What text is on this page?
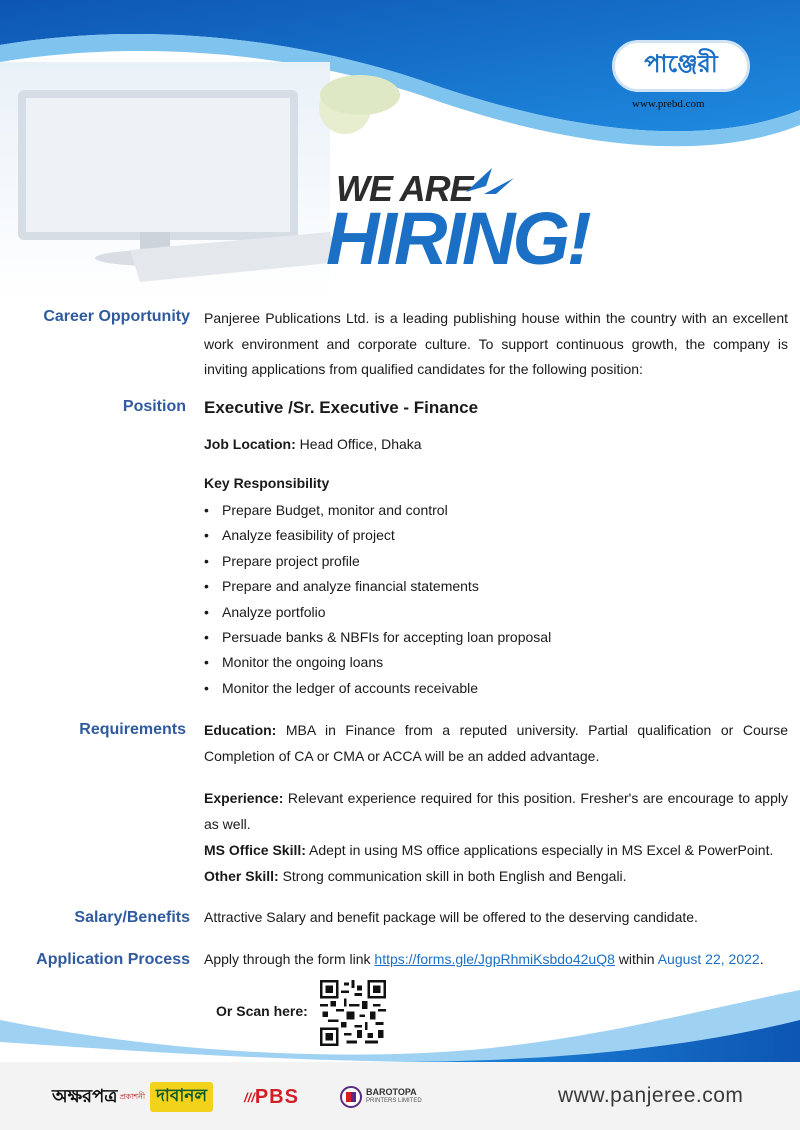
পাঞ্জেরী
www.prebd.com
WE ARE
HIRING!
Career Opportunity Panjeree Publications Ltd. is a leading publishing house within the country with an excellent work environment and corporate culture. To support continuous growth, the company is inviting applications from qualified candidates for the following position:
Position Executive /Sr. Executive - Finance
Job Location: Head Office, Dhaka
Key Responsibility
• Prepare Budget, monitor and control
• Analyze feasibility of project
• Prepare project profile
• Prepare and analyze financial statements
• Analyze portfolio
• Persuade banks & NBFIs for accepting loan proposal
• Monitor the ongoing loans
• Monitor the ledger of accounts receivable
Requirements Education: MBA in Finance from a reputed university. Partial qualification or Course Completion of CA or CMA or ACCA will be an added advantage.
Experience: Relevant experience required for this position. Fresher's are encourage to apply as well.
MS Office Skill: Adept in using MS office applications especially in MS Excel & PowerPoint.
Other Skill: Strong communication skill in both English and Bengali.
Salary/Benefits Attractive Salary and benefit package will be offered to the deserving candidate.
Application Process Apply through the form link https://forms.gle/JgpRhmiKsbdo42uQ8 within August 22, 2022.
Or Scan here:
অক্ষরপত্র প্রকাশনী দাবানল	/// PBS	BAROTOPA
PRINTERS LIMITED	www.panjeree.com
